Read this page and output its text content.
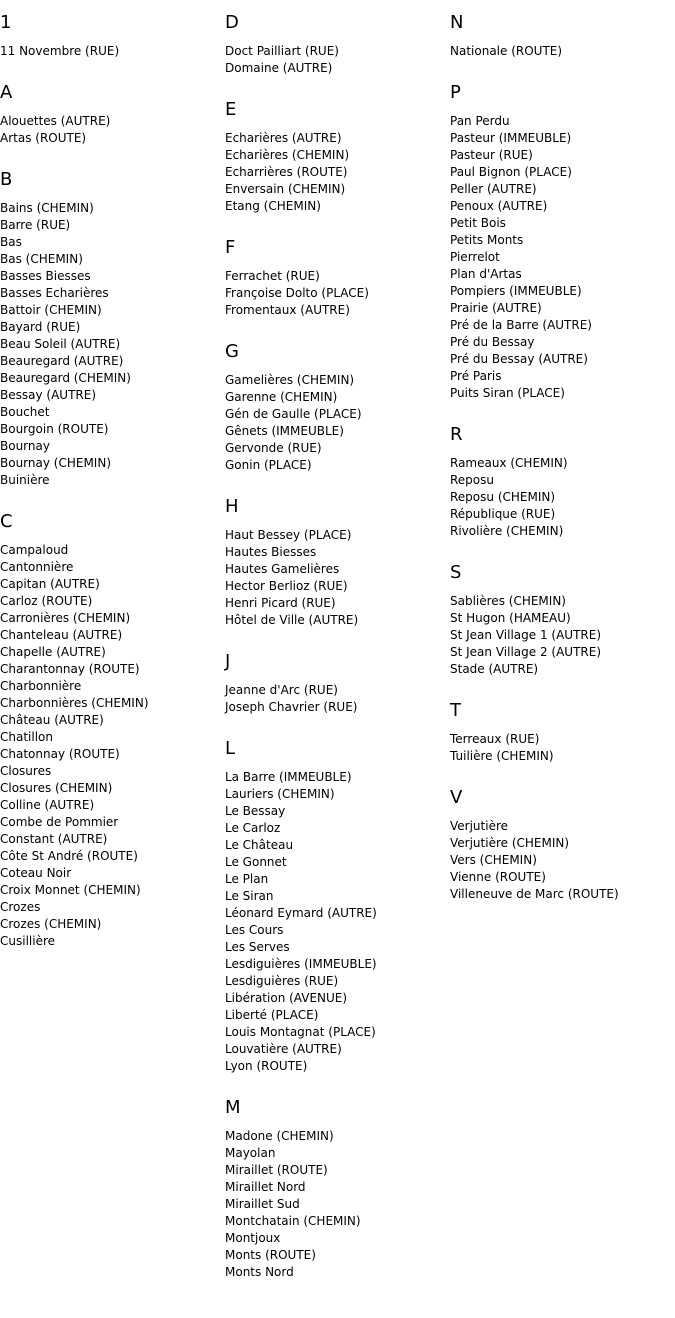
1
11 Novembre (RUE)
A
Alouettes (AUTRE)
Artas (ROUTE)
B
Bains (CHEMIN)
Barre (RUE)
Bas
Bas (CHEMIN)
Basses Biesses
Basses Echarières
Battoir (CHEMIN)
Bayard (RUE)
Beau Soleil (AUTRE)
Beauregard (AUTRE)
Beauregard (CHEMIN)
Bessay (AUTRE)
Bouchet
Bourgoin (ROUTE)
Bournay
Bournay (CHEMIN)
Buinière
C
Campaloud
Cantonnière
Capitan (AUTRE)
Carloz (ROUTE)
Carronières (CHEMIN)
Chanteleau (AUTRE)
Chapelle (AUTRE)
Charantonnay (ROUTE)
Charbonnière
Charbonnières (CHEMIN)
Château (AUTRE)
Chatillon
Chatonnay (ROUTE)
Closures
Closures (CHEMIN)
Colline (AUTRE)
Combe de Pommier
Constant (AUTRE)
Côte St André (ROUTE)
Coteau Noir
Croix Monnet (CHEMIN)
Crozes
Crozes (CHEMIN)
Cusillière
D
Doct Pailliart (RUE)
Domaine (AUTRE)
E
Echarières (AUTRE)
Echarières (CHEMIN)
Echarrières (ROUTE)
Enversain (CHEMIN)
Etang (CHEMIN)
F
Ferrachet (RUE)
Françoise Dolto (PLACE)
Fromentaux (AUTRE)
G
Gamelières (CHEMIN)
Garenne (CHEMIN)
Gén de Gaulle (PLACE)
Gênets (IMMEUBLE)
Gervonde (RUE)
Gonin (PLACE)
H
Haut Bessey (PLACE)
Hautes Biesses
Hautes Gamelières
Hector Berlioz (RUE)
Henri Picard (RUE)
Hôtel de Ville (AUTRE)
J
Jeanne d'Arc (RUE)
Joseph Chavrier (RUE)
L
La Barre (IMMEUBLE)
Lauriers (CHEMIN)
Le Bessay
Le Carloz
Le Château
Le Gonnet
Le Plan
Le Siran
Léonard Eymard (AUTRE)
Les Cours
Les Serves
Lesdiguières (IMMEUBLE)
Lesdiguières (RUE)
Libération (AVENUE)
Liberté (PLACE)
Louis Montagnat (PLACE)
Louvatière (AUTRE)
Lyon (ROUTE)
M
Madone (CHEMIN)
Mayolan
Miraillet (ROUTE)
Miraillet Nord
Miraillet Sud
Montchatain (CHEMIN)
Montjoux
Monts (ROUTE)
Monts Nord
N
Nationale (ROUTE)
P
Pan Perdu
Pasteur (IMMEUBLE)
Pasteur (RUE)
Paul Bignon (PLACE)
Peller (AUTRE)
Penoux (AUTRE)
Petit Bois
Petits Monts
Pierrelot
Plan d'Artas
Pompiers (IMMEUBLE)
Prairie (AUTRE)
Pré de la Barre (AUTRE)
Pré du Bessay
Pré du Bessay (AUTRE)
Pré Paris
Puits Siran (PLACE)
R
Rameaux (CHEMIN)
Reposu
Reposu (CHEMIN)
République (RUE)
Rivolière (CHEMIN)
S
Sablières (CHEMIN)
St Hugon (HAMEAU)
St Jean Village 1 (AUTRE)
St Jean Village 2 (AUTRE)
Stade (AUTRE)
T
Terreaux (RUE)
Tuilière (CHEMIN)
V
Verjutière
Verjutière (CHEMIN)
Vers (CHEMIN)
Vienne (ROUTE)
Villeneuve de Marc (ROUTE)
